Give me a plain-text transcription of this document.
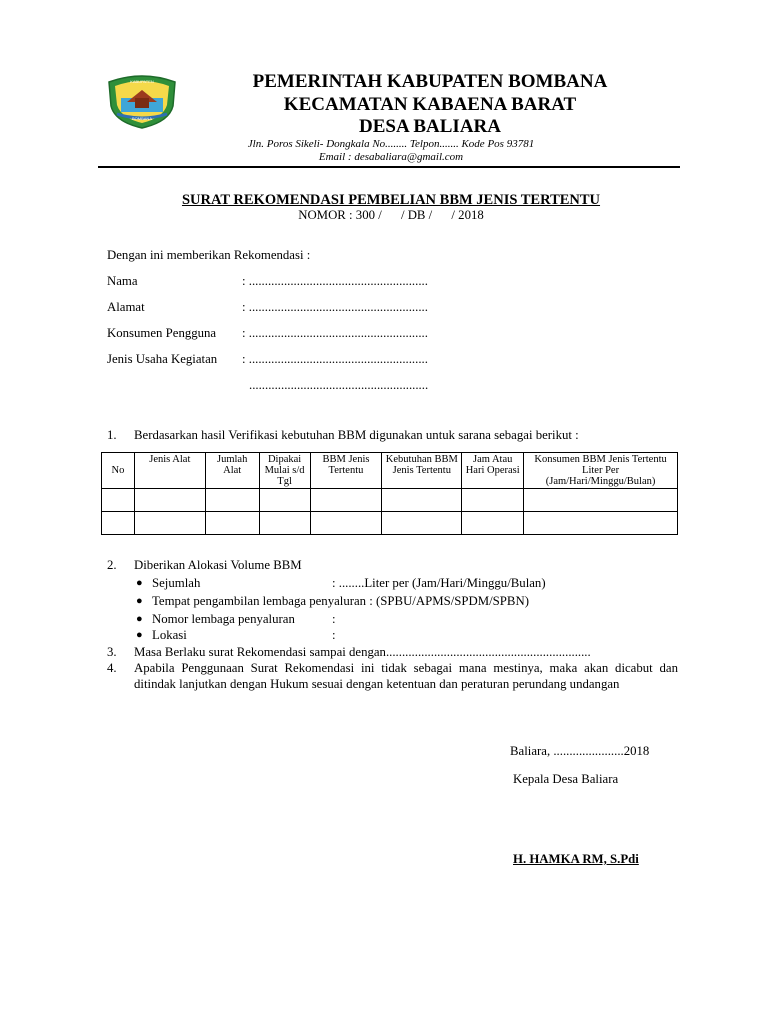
KABUPATEN
BOMBANA
PEMERINTAH KABUPATEN BOMBANA
KECAMATAN KABAENA BARAT
DESA BALIARA
Jln. Poros Sikeli- Dongkala No........ Telpon....... Kode Pos 93781
Email : desabaliara@gmail.com
SURAT REKOMENDASI PEMBELIAN BBM JENIS TERTENTU
NOMOR : 300 /      / DB /      / 2018
Dengan ini memberikan Rekomendasi :
Nama	: ........................................................
Alamat	: ........................................................
Konsumen Pengguna : ........................................................
Jenis Usaha Kegiatan : ........................................................
........................................................
1. Berdasarkan hasil Verifikasi kebutuhan BBM digunakan untuk sarana sebagai berikut :
No	Jenis Alat	Jumlah Alat	Dipakai Mulai s/d Tgl	BBM Jenis Tertentu	Kebutuhan BBM Jenis Tertentu	Jam Atau Hari Operasi	Konsumen BBM Jenis Tertentu Liter Per (Jam/Hari/Minggu/Bulan)

2. Diberikan Alokasi Volume BBM
● Sejumlah	: ........Liter per (Jam/Hari/Minggu/Bulan)
● Tempat pengambilan lembaga penyaluran : (SPBU/APMS/SPDM/SPBN)
● Nomor lembaga penyaluran	:
● Lokasi	:
3. Masa Berlaku surat Rekomendasi sampai dengan................................................................
4. Apabila Penggunaan Surat Rekomendasi ini tidak sebagai mana mestinya, maka akan dicabut dan ditindak lanjutkan dengan Hukum sesuai dengan ketentuan dan peraturan perundang undangan
Baliara, ......................2018
Kepala Desa Baliara
H. HAMKA RM, S.Pdi
